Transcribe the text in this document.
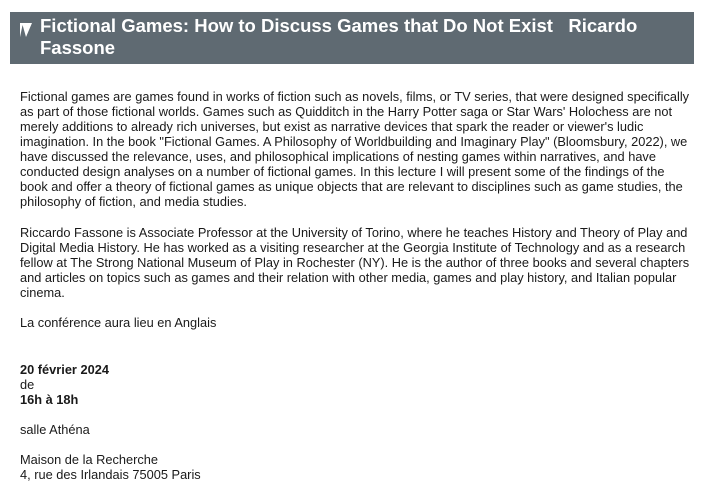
Fictional Games: How to Discuss Games that Do Not Exist Ricardo Fassone

Fictional games are games found in works of fiction such as novels, films, or TV series, that were designed specifically as part of those fictional worlds. Games such as Quidditch in the Harry Potter saga or Star Wars' Holochess are not merely additions to already rich universes, but exist as narrative devices that spark the reader or viewer's ludic imagination. In the book "Fictional Games. A Philosophy of Worldbuilding and Imaginary Play" (Bloomsbury, 2022), we have discussed the relevance, uses, and philosophical implications of nesting games within narratives, and have conducted design analyses on a number of fictional games. In this lecture I will present some of the findings of the book and offer a theory of fictional games as unique objects that are relevant to disciplines such as game studies, the philosophy of fiction, and media studies.

Riccardo Fassone is Associate Professor at the University of Torino, where he teaches History and Theory of Play and Digital Media History. He has worked as a visiting researcher at the Georgia Institute of Technology and as a research fellow at The Strong National Museum of Play in Rochester (NY). He is the author of three books and several chapters and articles on topics such as games and their relation with other media, games and play history, and Italian popular cinema.

La conférence aura lieu en Anglais

20 février 2024

de

16h à 18h

salle Athéna

Maison de la Recherche

4, rue des Irlandais 75005 Paris
